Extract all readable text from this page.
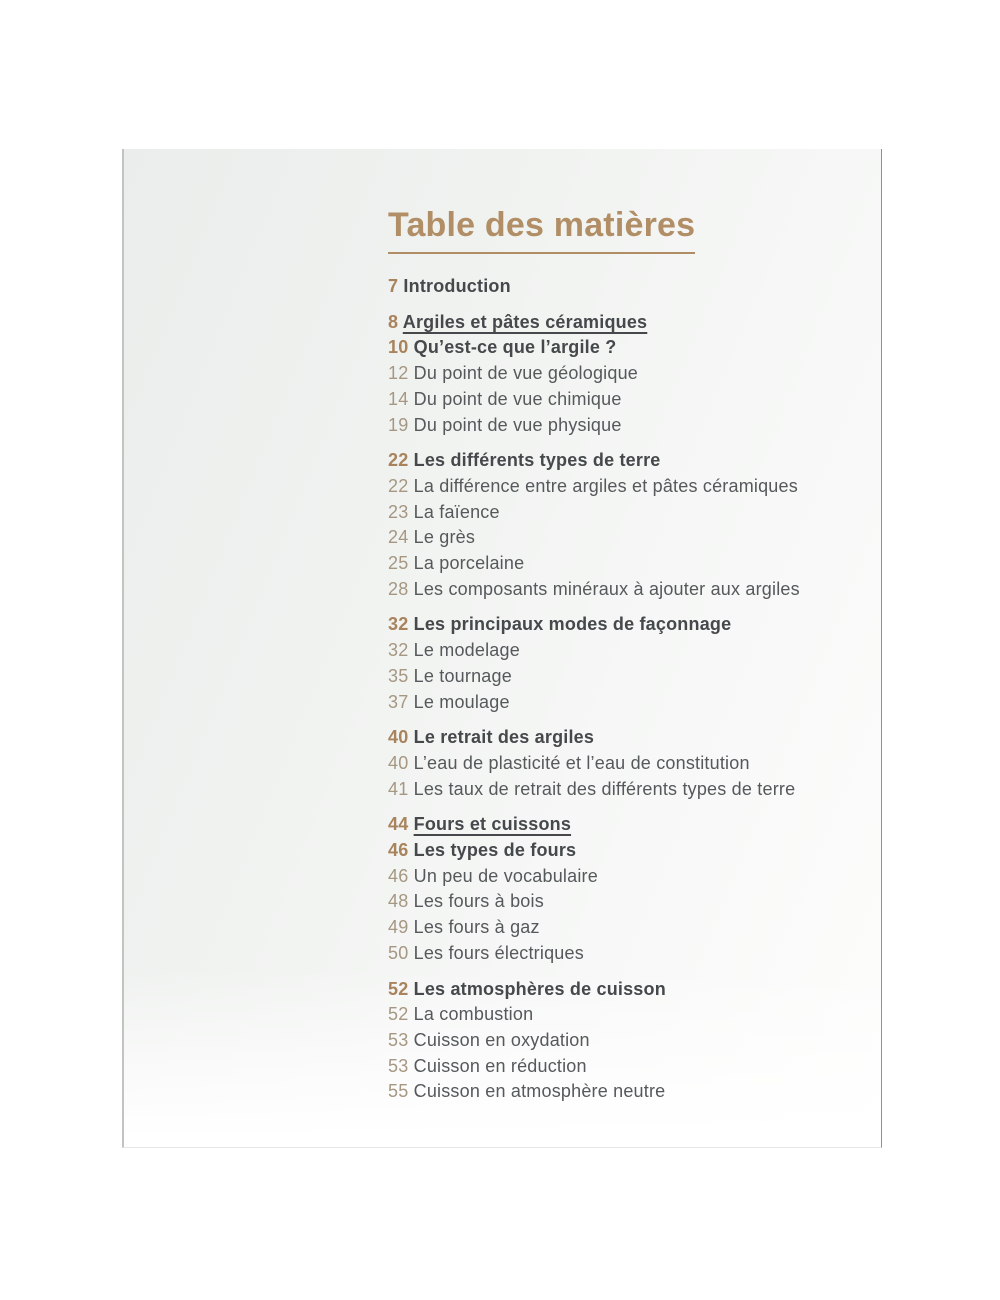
Table des matières
7 Introduction
8 Argiles et pâtes céramiques
10 Qu’est-ce que l’argile ?
12 Du point de vue géologique
14 Du point de vue chimique
19 Du point de vue physique
22 Les différents types de terre
22 La différence entre argiles et pâtes céramiques
23 La faïence
24 Le grès
25 La porcelaine
28 Les composants minéraux à ajouter aux argiles
32 Les principaux modes de façonnage
32 Le modelage
35 Le tournage
37 Le moulage
40 Le retrait des argiles
40 L’eau de plasticité et l’eau de constitution
41 Les taux de retrait des différents types de terre
44 Fours et cuissons
46 Les types de fours
46 Un peu de vocabulaire
48 Les fours à bois
49 Les fours à gaz
50 Les fours électriques
52 Les atmosphères de cuisson
52 La combustion
53 Cuisson en oxydation
53 Cuisson en réduction
55 Cuisson en atmosphère neutre
